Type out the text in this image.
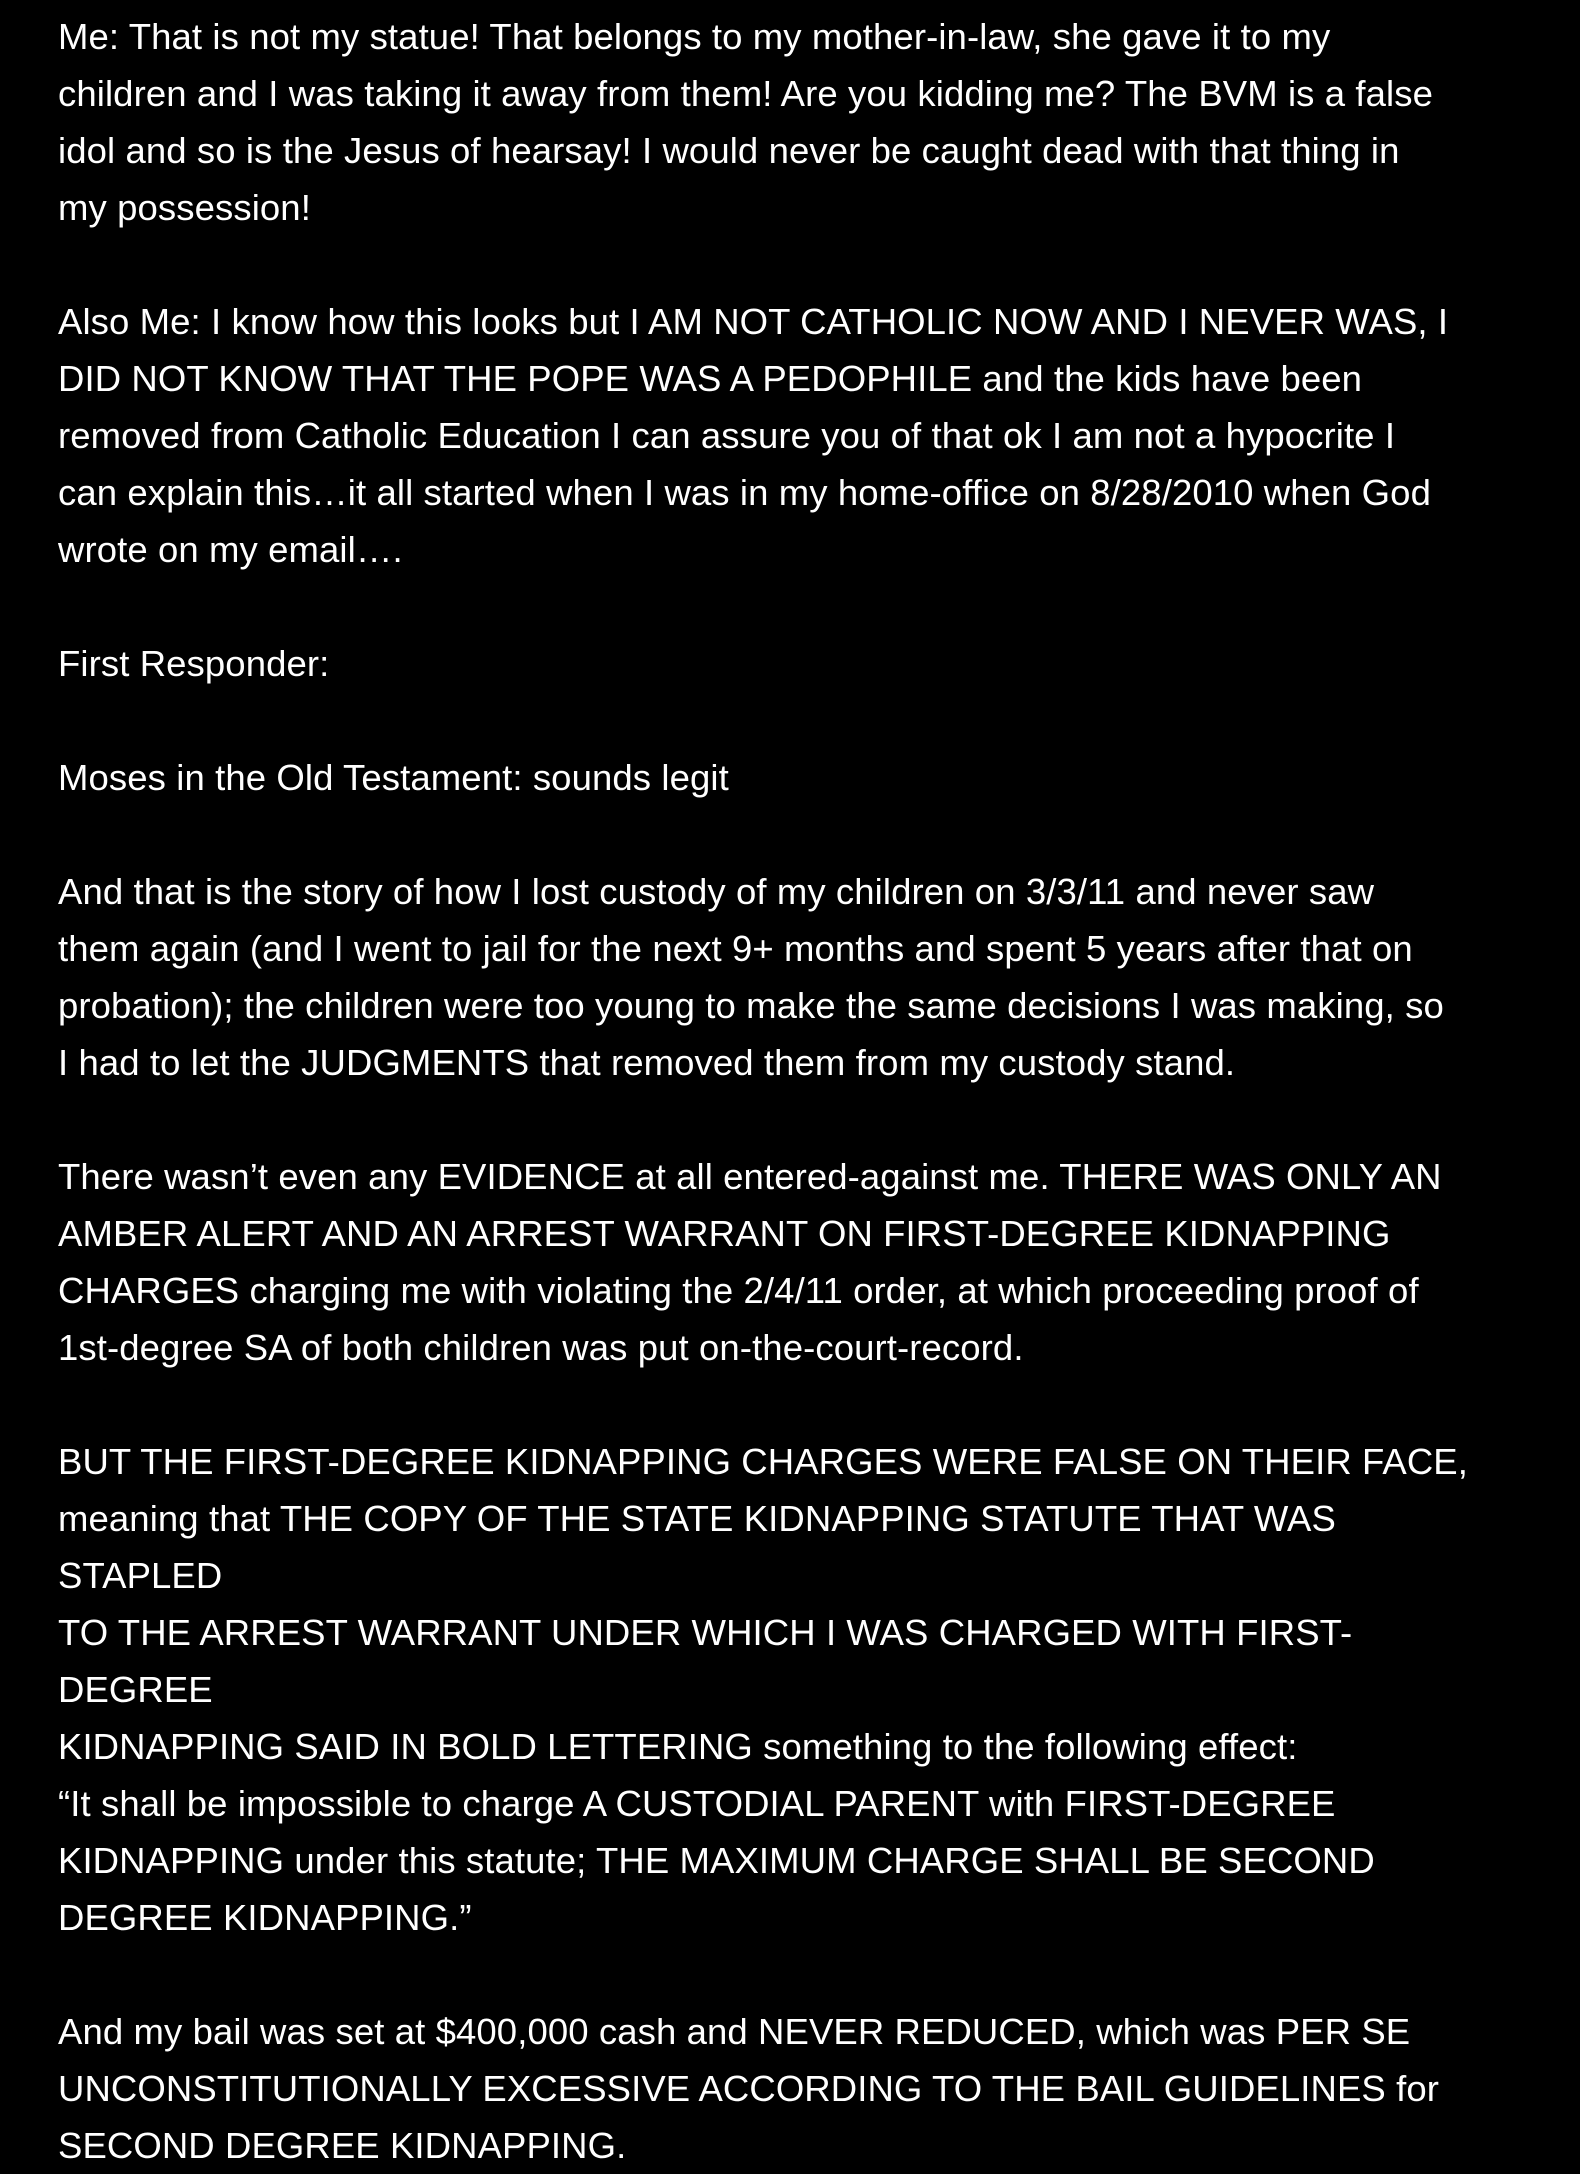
Me: That is not my statue! That belongs to my mother-in-law, she gave it to my
children and I was taking it away from them! Are you kidding me? The BVM is a false
idol and so is the Jesus of hearsay! I would never be caught dead with that thing in
my possession!

Also Me: I know how this looks but I AM NOT CATHOLIC NOW AND I NEVER WAS, I
DID NOT KNOW THAT THE POPE WAS A PEDOPHILE and the kids have been
removed from Catholic Education I can assure you of that ok I am not a hypocrite I
can explain this…it all started when I was in my home-office on 8/28/2010 when God
wrote on my email….

First Responder:

Moses in the Old Testament: sounds legit

And that is the story of how I lost custody of my children on 3/3/11 and never saw
them again (and I went to jail for the next 9+ months and spent 5 years after that on
probation); the children were too young to make the same decisions I was making, so
I had to let the JUDGMENTS that removed them from my custody stand.

There wasn’t even any EVIDENCE at all entered-against me. THERE WAS ONLY AN
AMBER ALERT AND AN ARREST WARRANT ON FIRST-DEGREE KIDNAPPING
CHARGES charging me with violating the 2/4/11 order, at which proceeding proof of
1st-degree SA of both children was put on-the-court-record.

BUT THE FIRST-DEGREE KIDNAPPING CHARGES WERE FALSE ON THEIR FACE,
meaning that THE COPY OF THE STATE KIDNAPPING STATUTE THAT WAS STAPLED
TO THE ARREST WARRANT UNDER WHICH I WAS CHARGED WITH FIRST-DEGREE
KIDNAPPING SAID IN BOLD LETTERING something to the following effect:
“It shall be impossible to charge A CUSTODIAL PARENT with FIRST-DEGREE
KIDNAPPING under this statute; THE MAXIMUM CHARGE SHALL BE SECOND
DEGREE KIDNAPPING.”

And my bail was set at $400,000 cash and NEVER REDUCED, which was PER SE
UNCONSTITUTIONALLY EXCESSIVE ACCORDING TO THE BAIL GUIDELINES for
SECOND DEGREE KIDNAPPING.
